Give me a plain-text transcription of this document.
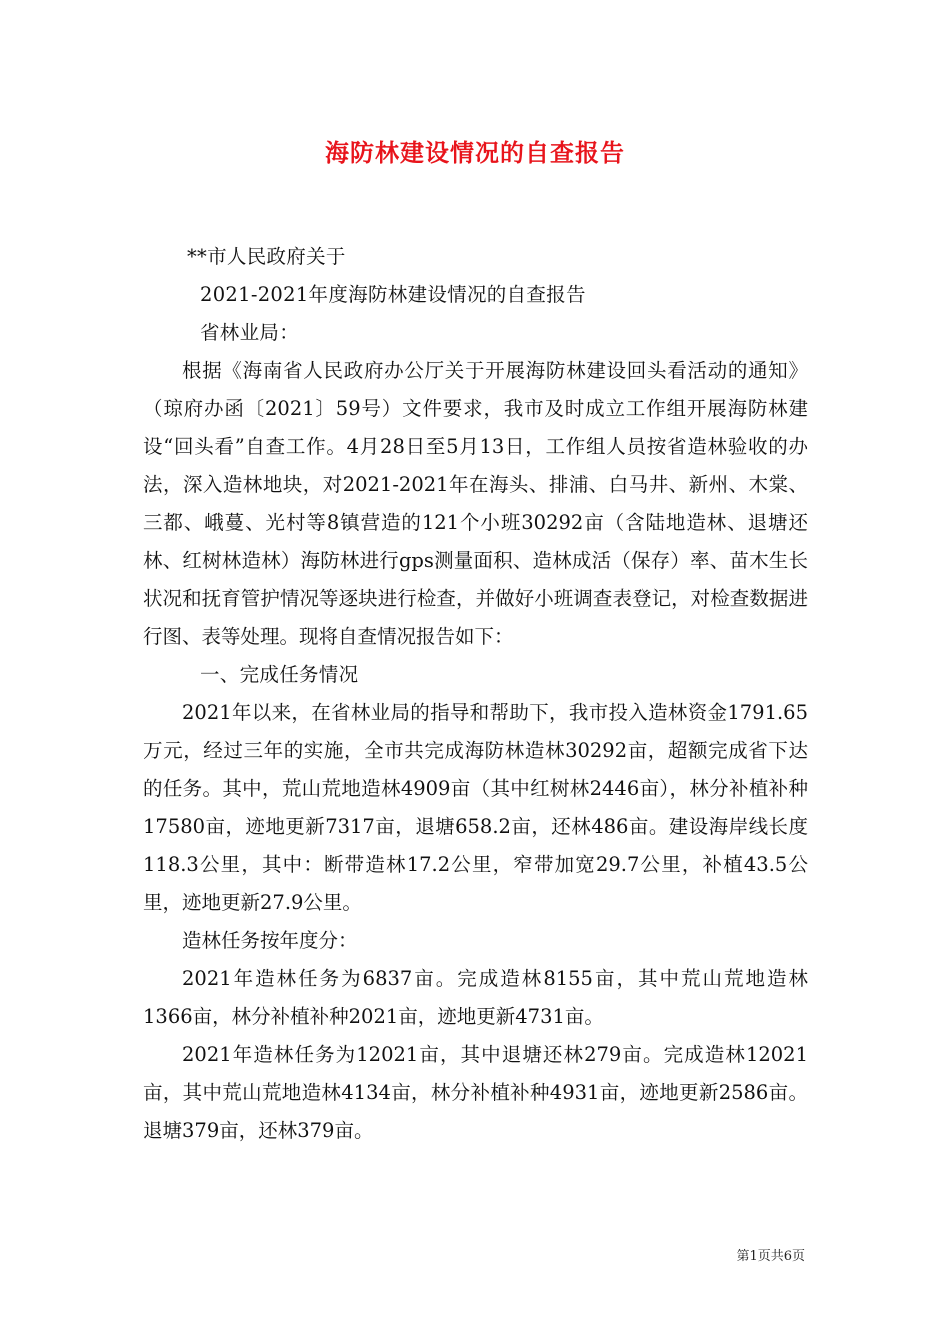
海防林建设情况的自查报告

**市人民政府关于

2021-2021年度海防林建设情况的自查报告

省林业局：

根据《海南省人民政府办公厅关于开展海防林建设回头看活动的通知》（琼府办函〔2021〕59号）文件要求，我市及时成立工作组开展海防林建设“回头看”自查工作。4月28日至5月13日，工作组人员按省造林验收的办法，深入造林地块，对2021-2021年在海头、排浦、白马井、新州、木棠、三都、峨蔓、光村等8镇营造的121个小班30292亩（含陆地造林、退塘还林、红树林造林）海防林进行gps测量面积、造林成活（保存）率、苗木生长状况和抚育管护情况等逐块进行检查，并做好小班调查表登记，对检查数据进行图、表等处理。现将自查情况报告如下：

一、完成任务情况

2021年以来，在省林业局的指导和帮助下，我市投入造林资金1791.65万元，经过三年的实施，全市共完成海防林造林30292亩，超额完成省下达的任务。其中，荒山荒地造林4909亩（其中红树林2446亩），林分补植补种17580亩，迹地更新7317亩，退塘658.2亩，还林486亩。建设海岸线长度118.3公里，其中：断带造林17.2公里，窄带加宽29.7公里，补植43.5公里，迹地更新27.9公里。

造林任务按年度分：

2021年造林任务为6837亩。完成造林8155亩，其中荒山荒地造林1366亩，林分补植补种2021亩，迹地更新4731亩。

2021年造林任务为12021亩，其中退塘还林279亩。完成造林12021亩，其中荒山荒地造林4134亩，林分补植补种4931亩，迹地更新2586亩。退塘379亩，还林379亩。

第1页共6页
